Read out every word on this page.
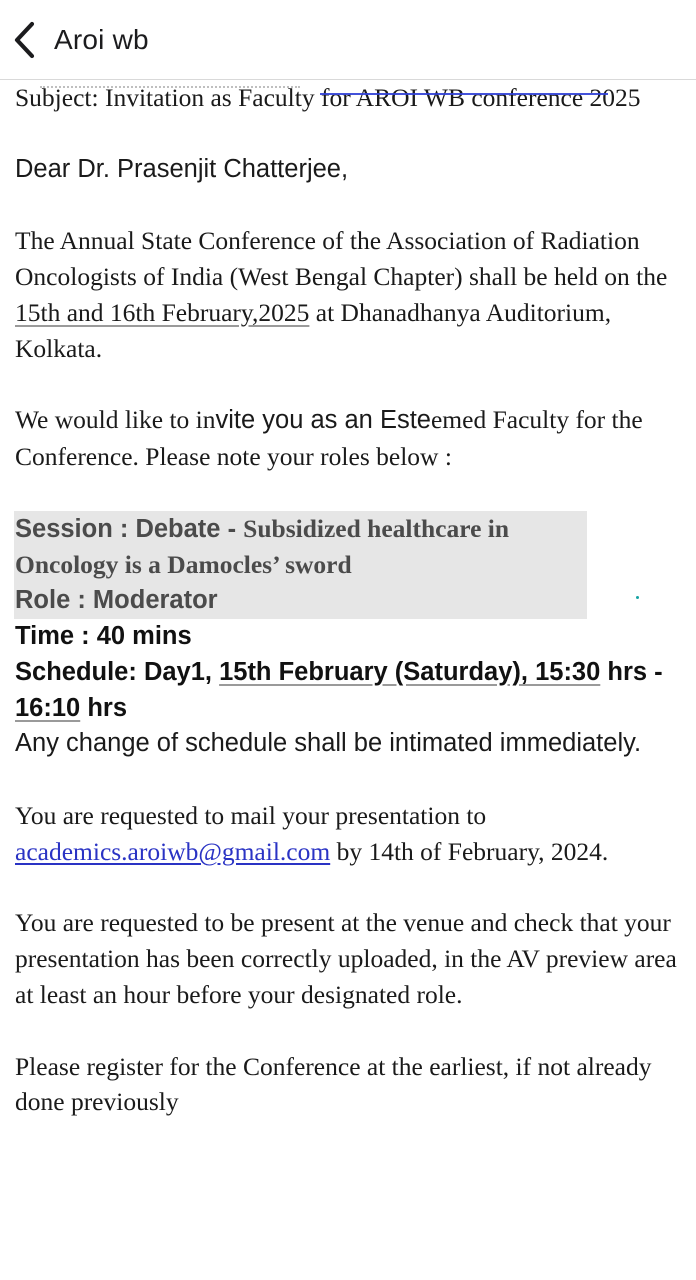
Aroi wb

Subject: Invitation as Faculty for AROI WB conference 2025

Dear Dr. Prasenjit Chatterjee,

The Annual State Conference of the Association of Radiation Oncologists of India (West Bengal Chapter) shall be held on the 15th and 16th February,2025 at Dhanadhanya Auditorium, Kolkata.

We would like to invite you as an Esteemed Faculty for the Conference. Please note your roles below :

Session : Debate - Subsidized healthcare in Oncology is a Damocles’ sword

Role : Moderator

Time : 40 mins

Schedule: Day1, 15th February (Saturday), 15:30 hrs - 16:10 hrs

Any change of schedule shall be intimated immediately.

You are requested to mail your presentation to academics.aroiwb@gmail.com by 14th of February, 2024.

You are requested to be present at the venue and check that your presentation has been correctly uploaded, in the AV preview area at least an hour before your designated role.

Please register for the Conference at the earliest, if not already done previously
